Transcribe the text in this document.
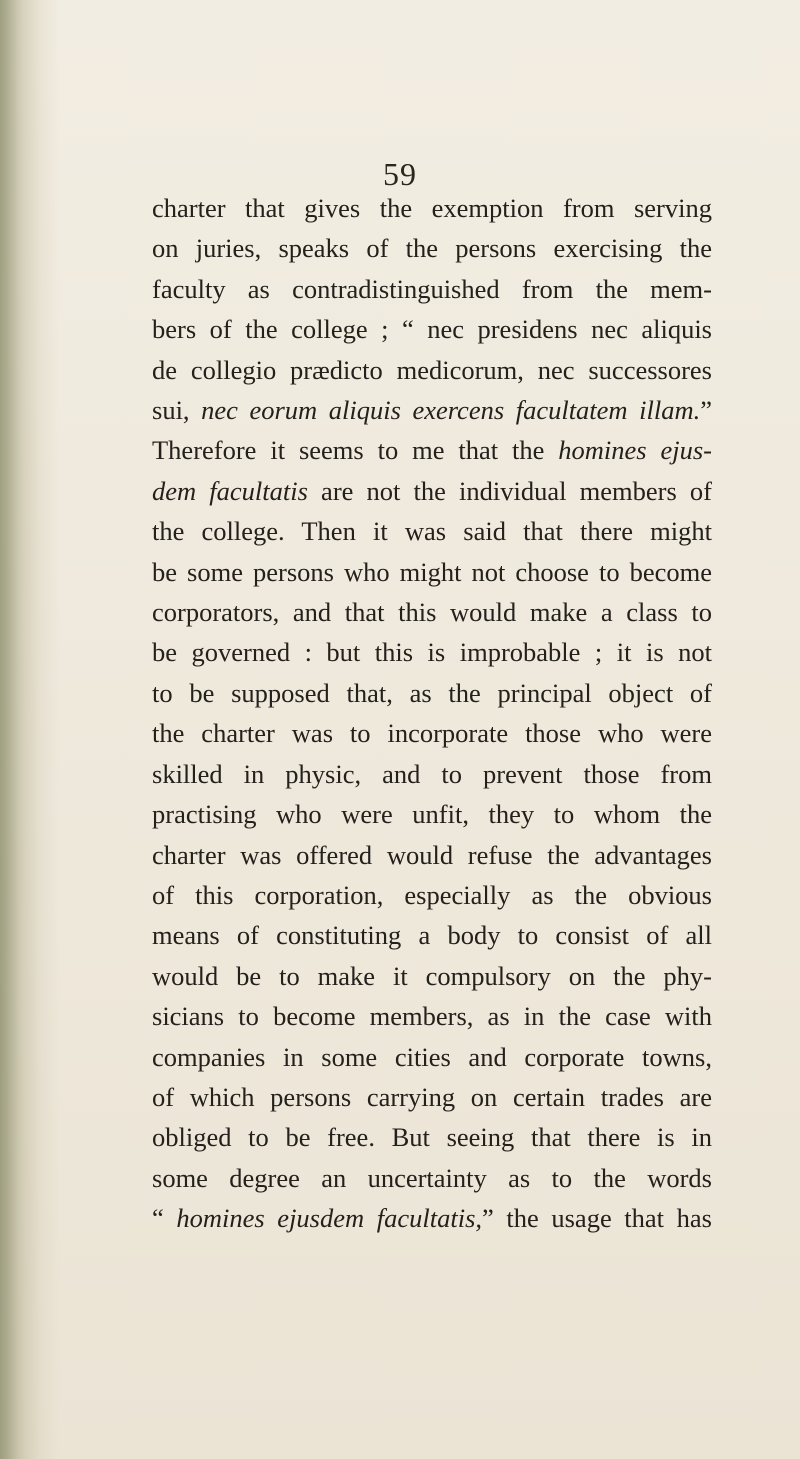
59
charter that gives the exemption from serving
on juries, speaks of the persons exercising the
faculty as contradistinguished from the mem-
bers of the college ; “ nec presidens nec aliquis
de collegio prædicto medicorum, nec successores
sui, nec eorum aliquis exercens facultatem illam.”
Therefore it seems to me that the homines ejus-
dem facultatis are not the individual members of
the college. Then it was said that there might
be some persons who might not choose to become
corporators, and that this would make a class to
be governed : but this is improbable ; it is not
to be supposed that, as the principal object of
the charter was to incorporate those who were
skilled in physic, and to prevent those from
practising who were unfit, they to whom the
charter was offered would refuse the advantages
of this corporation, especially as the obvious
means of constituting a body to consist of all
would be to make it compulsory on the phy-
sicians to become members, as in the case with
companies in some cities and corporate towns,
of which persons carrying on certain trades are
obliged to be free. But seeing that there is in
some degree an uncertainty as to the words
“ homines ejusdem facultatis,” the usage that has
